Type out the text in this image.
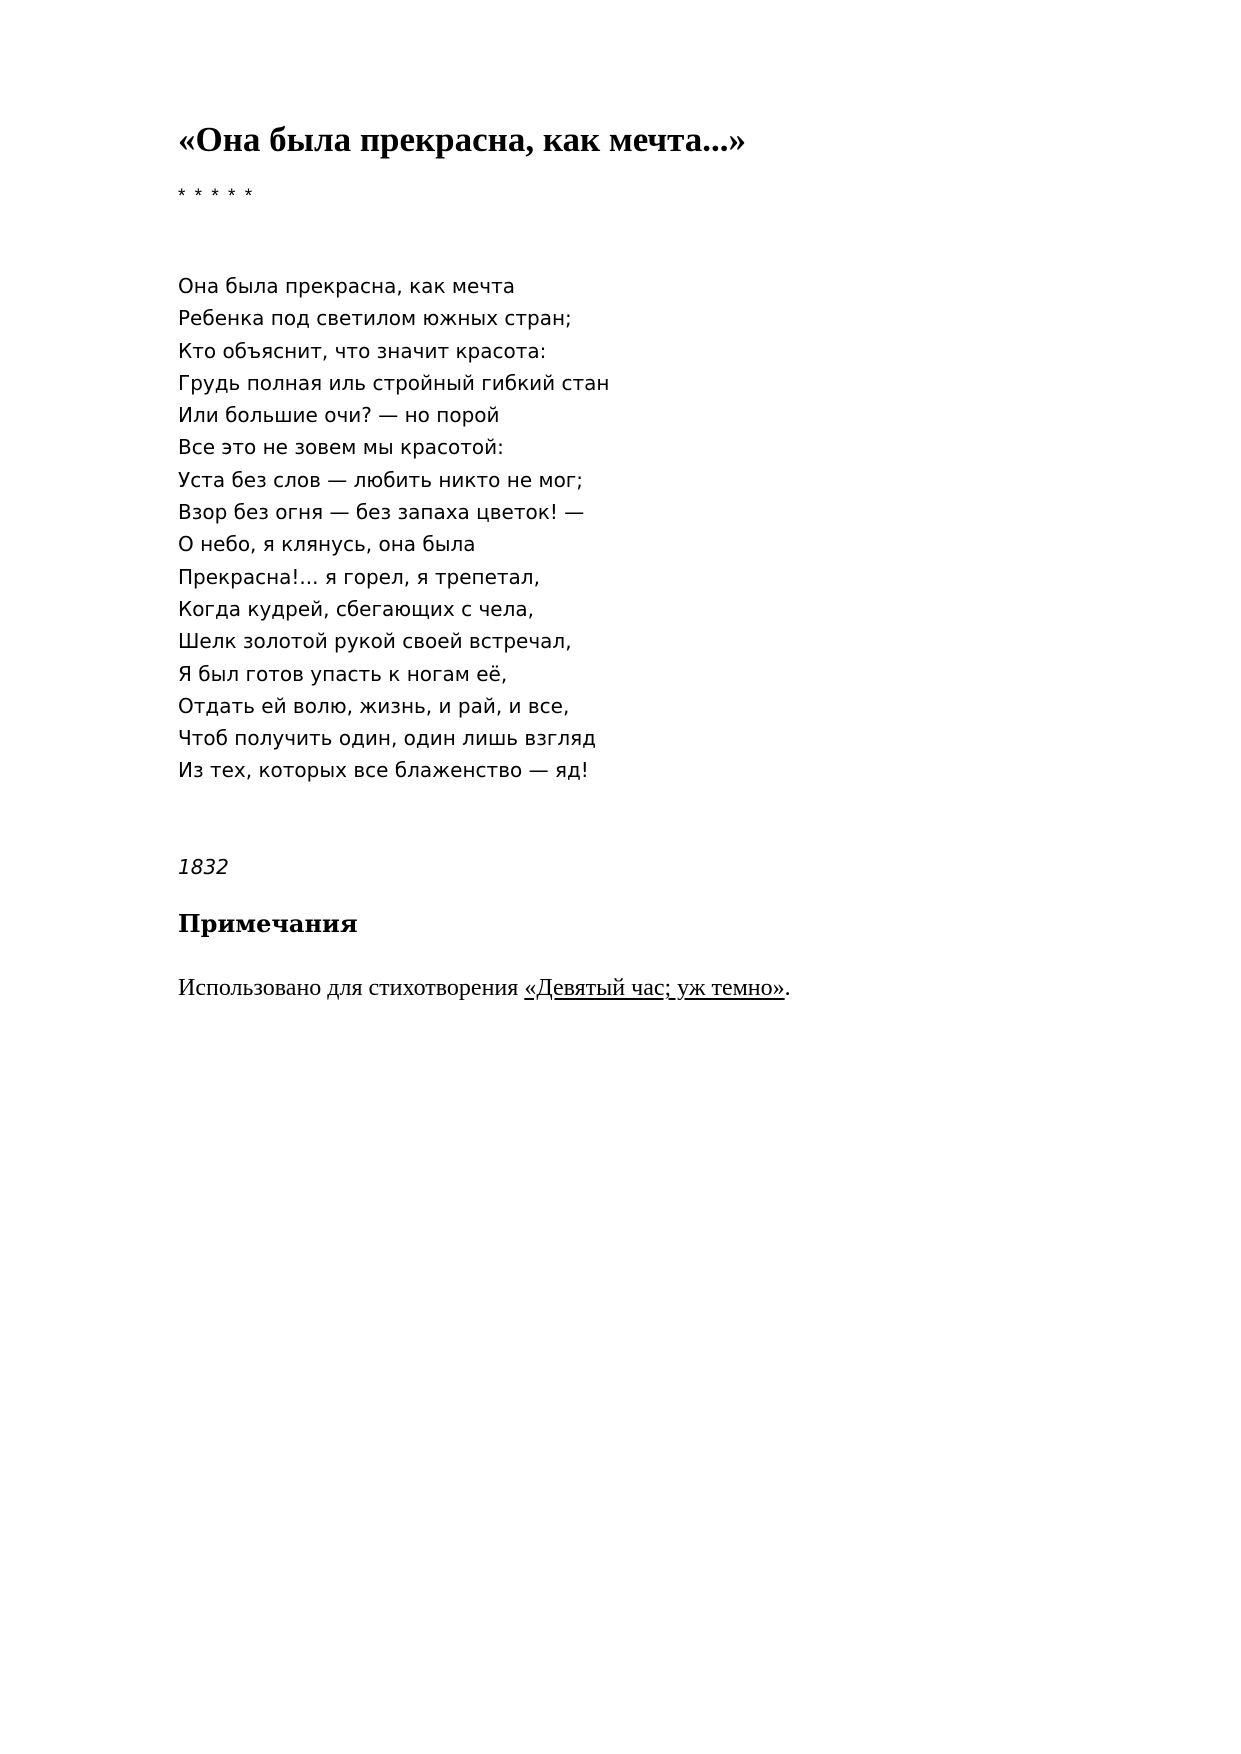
«Она была прекрасна, как мечта...»
* * * * *
Она была прекрасна, как мечта
Ребенка под светилом южных стран;
Кто объяснит, что значит красота:
Грудь полная иль стройный гибкий стан
Или большие очи? — но порой
Все это не зовем мы красотой:
Уста без слов — любить никто не мог;
Взор без огня — без запаха цветок! —
О небо, я клянусь, она была
Прекрасна!... я горел, я трепетал,
Когда кудрей, сбегающих с чела,
Шелк золотой рукой своей встречал,
Я был готов упасть к ногам её,
Отдать ей волю, жизнь, и рай, и все,
Чтоб получить один, один лишь взгляд
Из тех, которых все блаженство — яд!
1832
Примечания

Использовано для стихотворения «Девятый час; уж темно».
